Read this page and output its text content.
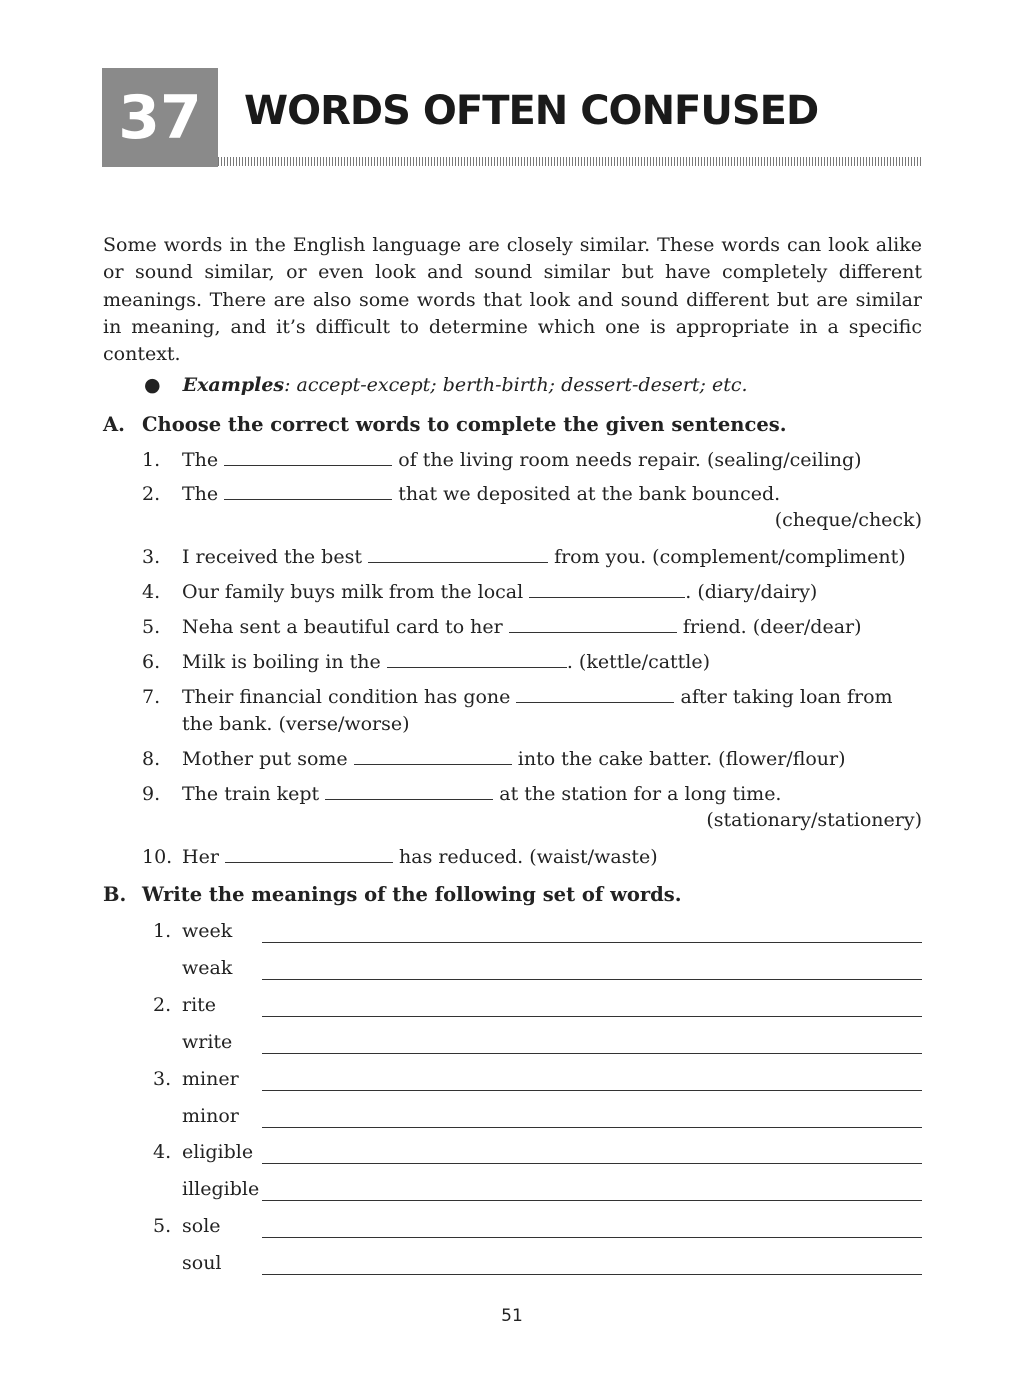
37 WORDS OFTEN CONFUSED
Some words in the English language are closely similar. These words can look alike or sound similar, or even look and sound similar but have completely different meanings. There are also some words that look and sound different but are similar in meaning, and it’s difficult to determine which one is appropriate in a specific context.
● Examples: accept-except; berth-birth; dessert-desert; etc.
A. Choose the correct words to complete the given sentences.
1. The	of the living room needs repair. (sealing/ceiling)
2. The	that we deposited at the bank bounced.
(cheque/check)
3. I received the best	from you. (complement/compliment)
4. Our family buys milk from the local	. (diary/dairy)
5. Neha sent a beautiful card to her	friend. (deer/dear)
6. Milk is boiling in the	. (kettle/cattle)
7. Their financial condition has gone	after taking loan from
the bank. (verse/worse)
8. Mother put some	into the cake batter. (flower/flour)
9. The train kept	at the station for a long time.
(stationary/stationery)
10. Her	has reduced. (waist/waste)
B. Write the meanings of the following set of words.
1. week
weak
2. rite
write
3. miner
minor
4. eligible
illegible
5. sole
soul
51
